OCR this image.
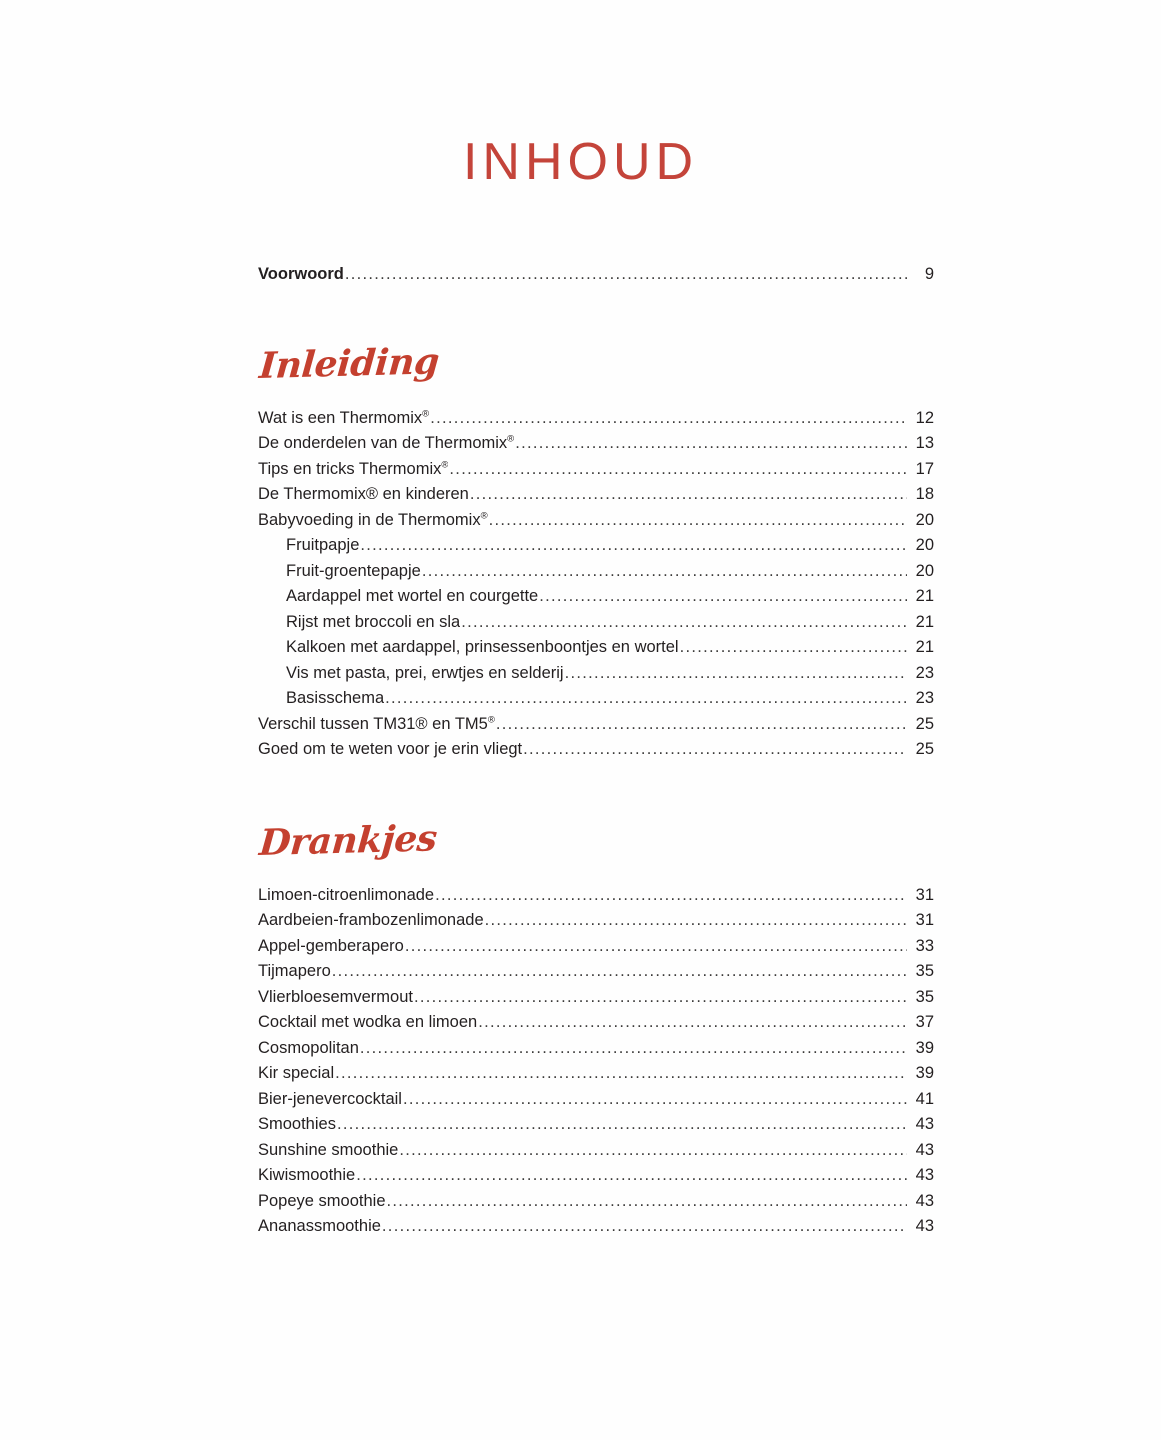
INHOUD
Voorwoord .....	9
Inleiding
Wat is een Thermomix® .....	12
De onderdelen van de Thermomix® .....	13
Tips en tricks Thermomix® .....	17
De Thermomix® en kinderen .....	18
Babyvoeding in de Thermomix® .....	20
Fruitpapje .....	20
Fruit-groentepapje .....	20
Aardappel met wortel en courgette .....	21
Rijst met broccoli en sla .....	21
Kalkoen met aardappel, prinsessenboontjes en wortel .....	21
Vis met pasta, prei, erwtjes en selderij .....	23
Basisschema .....	23
Verschil tussen TM31® en TM5® .....	25
Goed om te weten voor je erin vliegt .....	25
Drankjes
Limoen-citroenlimonade .....	31
Aardbeien-frambozenlimonade .....	31
Appel-gemberapero .....	33
Tijmapero .....	35
Vlierbloesemvermout .....	35
Cocktail met wodka en limoen .....	37
Cosmopolitan .....	39
Kir special .....	39
Bier-jenevercocktail .....	41
Smoothies .....	43
Sunshine smoothie .....	43
Kiwismoothie .....	43
Popeye smoothie .....	43
Ananassmoothie .....	43
